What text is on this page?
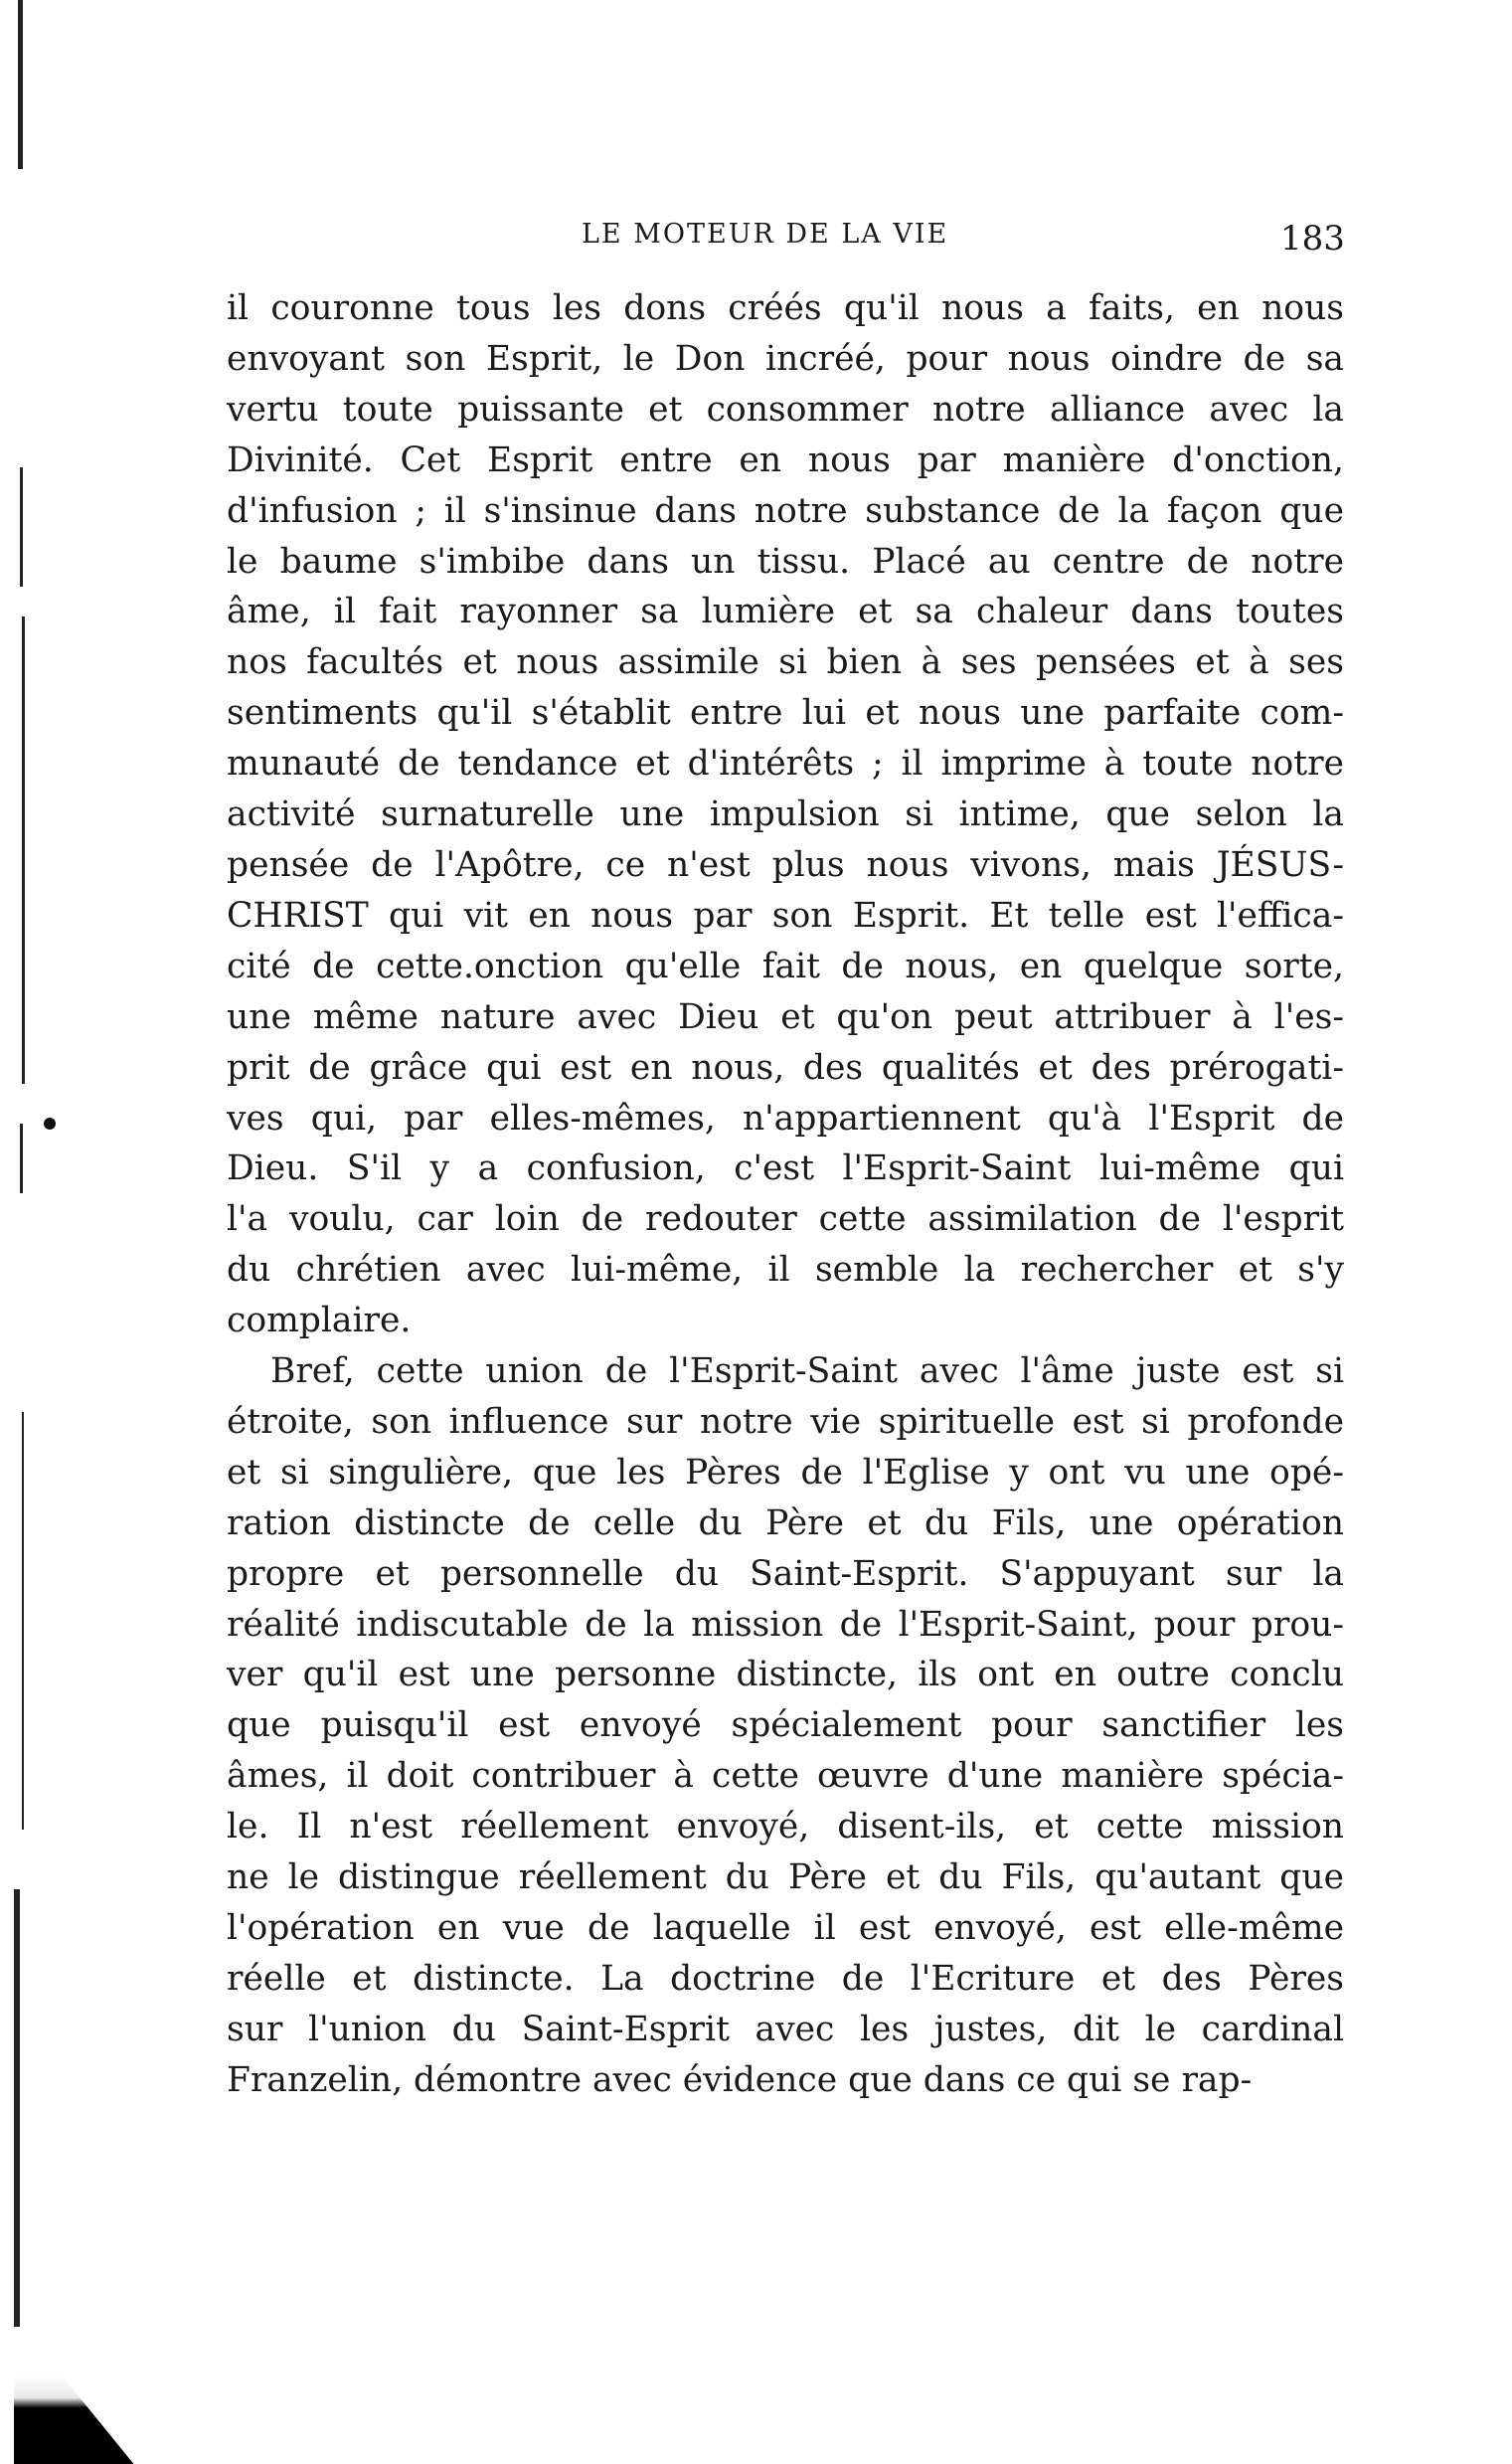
LE MOTEUR DE LA VIE	183

il couronne tous les dons créés qu'il nous a faits, en nous
envoyant son Esprit, le Don incréé, pour nous oindre de sa
vertu toute puissante et consommer notre alliance avec la
Divinité. Cet Esprit entre en nous par manière d'onction,
d'infusion ; il s'insinue dans notre substance de la façon que
le baume s'imbibe dans un tissu. Placé au centre de notre
âme, il fait rayonner sa lumière et sa chaleur dans toutes
nos facultés et nous assimile si bien à ses pensées et à ses
sentiments qu'il s'établit entre lui et nous une parfaite com-
munauté de tendance et d'intérêts ; il imprime à toute notre
activité surnaturelle une impulsion si intime, que selon la
pensée de l'Apôtre, ce n'est plus nous vivons, mais JÉSUS-
CHRIST qui vit en nous par son Esprit. Et telle est l'effica-
cité de cette.onction qu'elle fait de nous, en quelque sorte,
une même nature avec Dieu et qu'on peut attribuer à l'es-
prit de grâce qui est en nous, des qualités et des prérogati-
ves qui, par elles-mêmes, n'appartiennent qu'à l'Esprit de
Dieu. S'il y a confusion, c'est l'Esprit-Saint lui-même qui
l'a voulu, car loin de redouter cette assimilation de l'esprit
du chrétien avec lui-même, il semble la rechercher et s'y
complaire.

Bref, cette union de l'Esprit-Saint avec l'âme juste est si
étroite, son influence sur notre vie spirituelle est si profonde
et si singulière, que les Pères de l'Eglise y ont vu une opé-
ration distincte de celle du Père et du Fils, une opération
propre et personnelle du Saint-Esprit. S'appuyant sur la
réalité indiscutable de la mission de l'Esprit-Saint, pour prou-
ver qu'il est une personne distincte, ils ont en outre conclu
que puisqu'il est envoyé spécialement pour sanctifier les
âmes, il doit contribuer à cette œuvre d'une manière spécia-
le. Il n'est réellement envoyé, disent-ils, et cette mission
ne le distingue réellement du Père et du Fils, qu'autant que
l'opération en vue de laquelle il est envoyé, est elle-même
réelle et distincte. La doctrine de l'Ecriture et des Pères
sur l'union du Saint-Esprit avec les justes, dit le cardinal
Franzelin, démontre avec évidence que dans ce qui se rap-
